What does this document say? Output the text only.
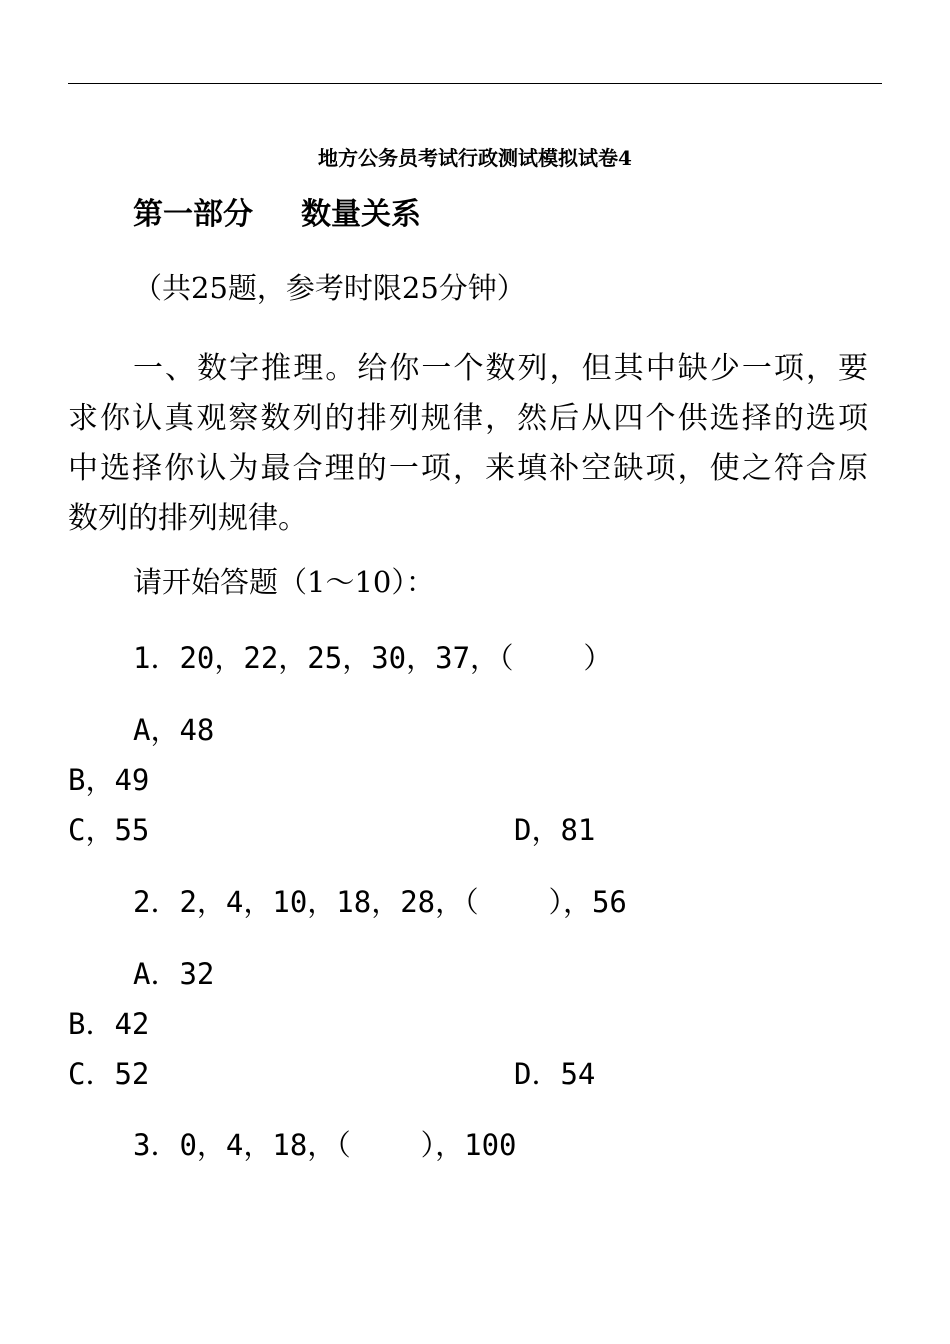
地方公务员考试行政测试模拟试卷4
第一部分 数量关系
（共25题，参考时限25分钟）
一、数字推理。给你一个数列，但其中缺少一项，要
求你认真观察数列的排列规律，然后从四个供选择的选项
中选择你认为最合理的一项，来填补空缺项，使之符合原
数列的排列规律。
请开始答题（1～10）：
1．20，22，25，30，37，（    ）
A，48
B，49
C，55	D，81
2．2，4，10，18，28，（    ），56
A．32
B．42
C．52	D．54
3．0，4，18，（    ），100
